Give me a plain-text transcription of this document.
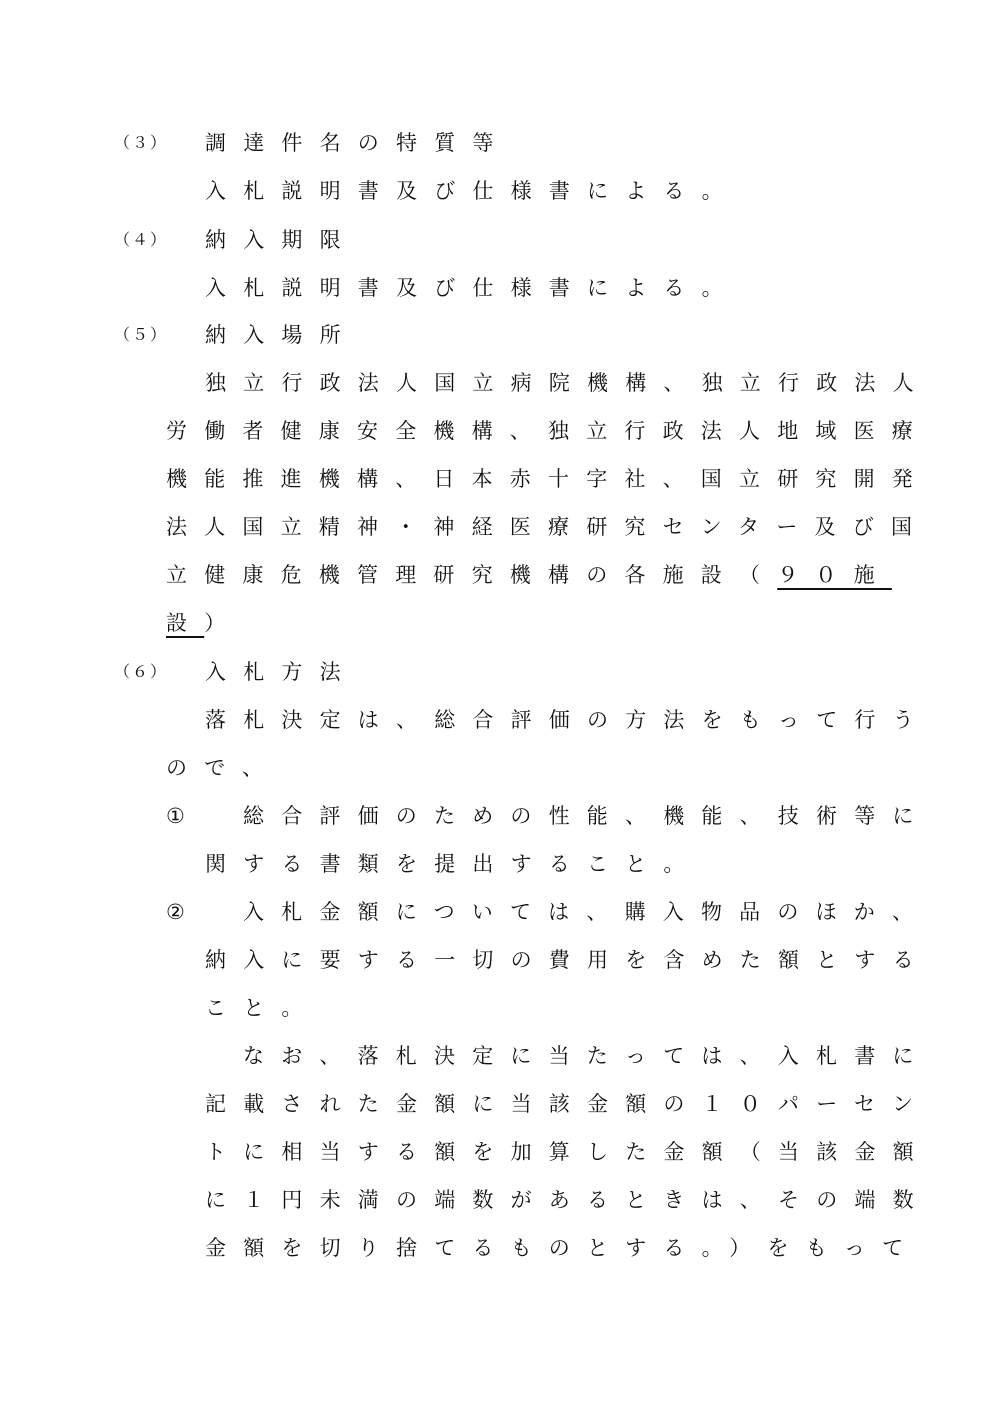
（３） 調達件名の特質等
入札説明書及び仕様書による。
（４） 納入期限
入札説明書及び仕様書による。
（５） 納入場所
独立行政法人国立病院機構、独立行政法人
労働者健康安全機構、独立行政法人地域医療
機能推進機構、日本赤十字社、国立研究開発
法人国立精神・神経医療研究センター及び国
立健康危機管理研究機構の各施設（９０施
設）
（６） 入札方法
落札決定は、総合評価の方法をもって行う
ので、
① 総合評価のための性能、機能、技術等に
関する書類を提出すること。
② 入札金額については、購入物品のほか、
納入に要する一切の費用を含めた額とする
こと。
なお、落札決定に当たっては、入札書に
記載された金額に当該金額の１０パーセン
トに相当する額を加算した金額（当該金額
に１円未満の端数があるときは、その端数
金額を切り捨てるものとする。）をもって
